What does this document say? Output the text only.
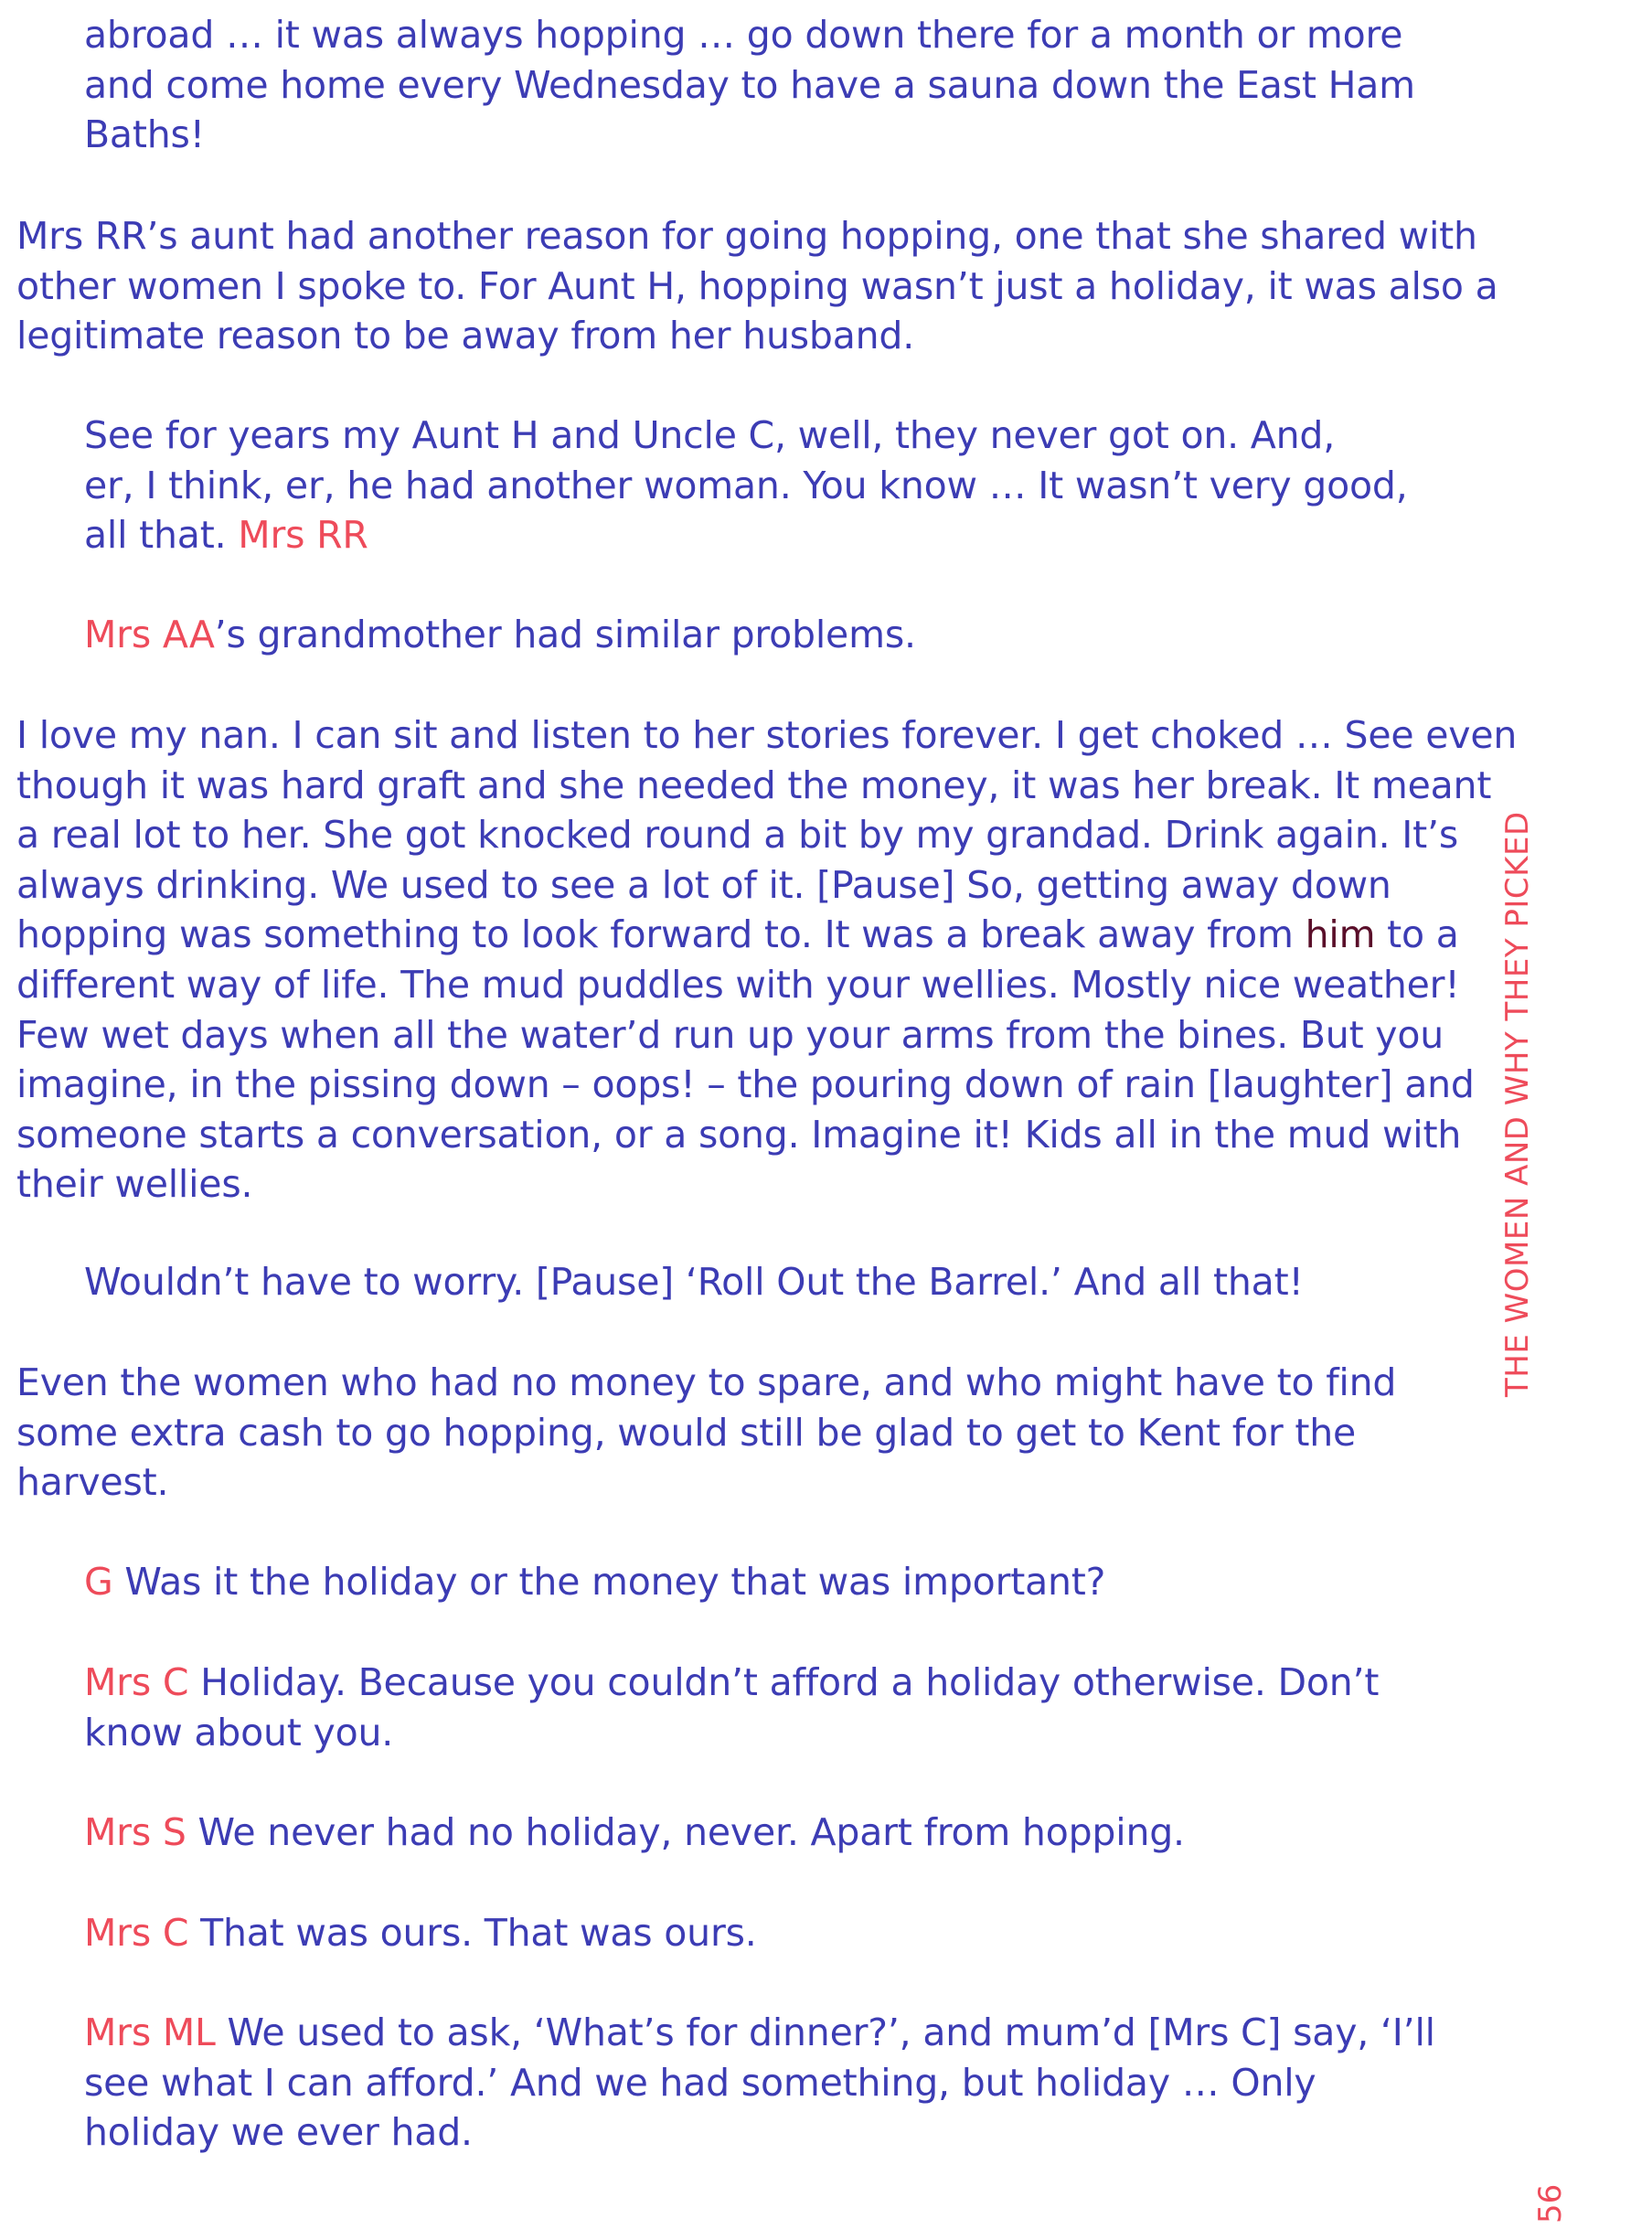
abroad … it was always hopping … go down there for a month or more
and come home every Wednesday to have a sauna down the East Ham
Baths!

Mrs RR’s aunt had another reason for going hopping, one that she shared with
other women I spoke to. For Aunt H, hopping wasn’t just a holiday, it was also a
legitimate reason to be away from her husband.

See for years my Aunt H and Uncle C, well, they never got on. And,
er, I think, er, he had another woman. You know … It wasn’t very good,
all that. Mrs RR

Mrs AA’s grandmother had similar problems.

I love my nan. I can sit and listen to her stories forever. I get choked … See even
though it was hard graft and she needed the money, it was her break. It meant
a real lot to her. She got knocked round a bit by my grandad. Drink again. It’s
always drinking. We used to see a lot of it. [Pause] So, getting away down
hopping was something to look forward to. It was a break away from him to a
different way of life. The mud puddles with your wellies. Mostly nice weather!
Few wet days when all the water’d run up your arms from the bines. But you
imagine, in the pissing down – oops! – the pouring down of rain [laughter] and
someone starts a conversation, or a song. Imagine it! Kids all in the mud with
their wellies.

Wouldn’t have to worry. [Pause] ‘Roll Out the Barrel.’ And all that!

Even the women who had no money to spare, and who might have to find
some extra cash to go hopping, would still be glad to get to Kent for the
harvest.

G Was it the holiday or the money that was important?

Mrs C Holiday. Because you couldn’t afford a holiday otherwise. Don’t
know about you.

Mrs S We never had no holiday, never. Apart from hopping.

Mrs C That was ours. That was ours.

Mrs ML We used to ask, ‘What’s for dinner?’, and mum’d [Mrs C] say, ‘I’ll
see what I can afford.’ And we had something, but holiday … Only
holiday we ever had.

THE WOMEN AND WHY THEY PICKED
56
